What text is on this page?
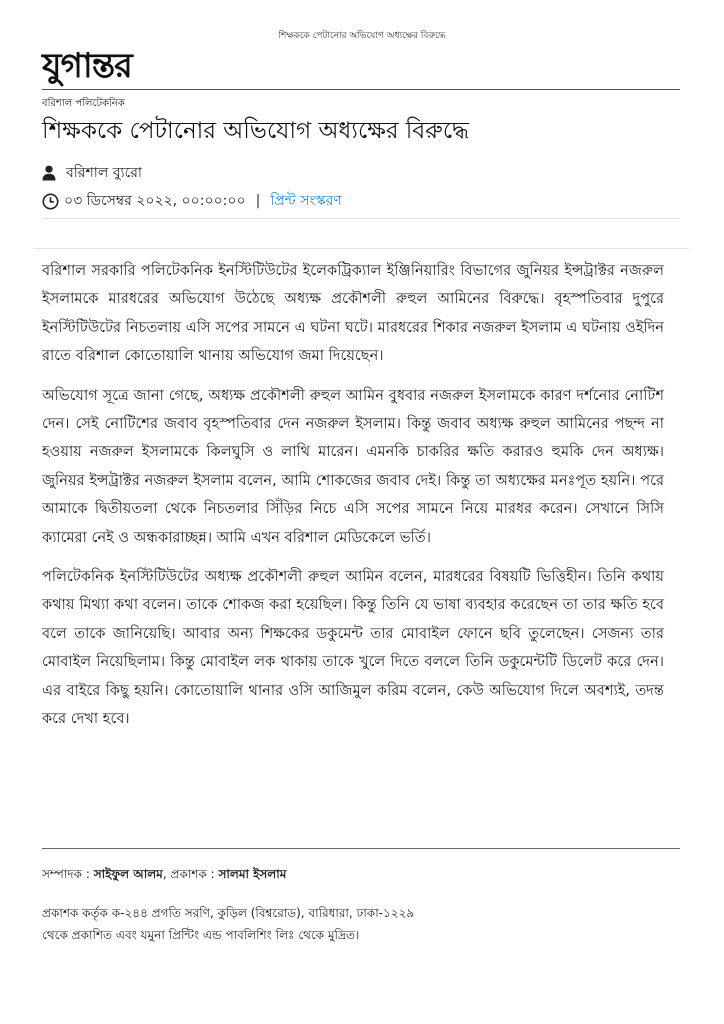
শিক্ষককে পেটানোর অভিযোগ অধ্যক্ষের বিরুদ্ধে
যুগান্তর
বরিশাল পলিটেকনিক
শিক্ষককে পেটানোর অভিযোগ অধ্যক্ষের বিরুদ্ধে
বরিশাল ব্যুরো
০৩ ডিসেম্বর ২০২২, ০০:০০:০০ | প্রিন্ট সংস্করণ

বরিশাল সরকারি পলিটেকনিক ইনস্টিটিউটের ইলেকট্রিক্যাল ইঞ্জিনিয়ারিং বিভাগের জুনিয়র ইন্সট্রাক্টর নজরুল ইসলামকে মারধরের অভিযোগ উঠেছে অধ্যক্ষ প্রকৌশলী রুহুল আমিনের বিরুদ্ধে। বৃহস্পতিবার দুপুরে ইনস্টিটিউটের নিচতলায় এসি সপের সামনে এ ঘটনা ঘটে। মারধরের শিকার নজরুল ইসলাম এ ঘটনায় ওইদিন রাতে বরিশাল কোতোয়ালি থানায় অভিযোগ জমা দিয়েছেন।

অভিযোগ সূত্রে জানা গেছে, অধ্যক্ষ প্রকৌশলী রুহুল আমিন বুধবার নজরুল ইসলামকে কারণ দর্শনোর নোটিশ দেন। সেই নোটিশের জবাব বৃহস্পতিবার দেন নজরুল ইসলাম। কিন্তু জবাব অধ্যক্ষ রুহুল আমিনের পছন্দ না হওয়ায় নজরুল ইসলামকে কিলঘুসি ও লাথি মারেন। এমনকি চাকরির ক্ষতি করারও হুমকি দেন অধ্যক্ষ। জুনিয়র ইন্সট্রাক্টর নজরুল ইসলাম বলেন, আমি শোকজের জবাব দেই। কিন্তু তা অধ্যক্ষের মনঃপূত হয়নি। পরে আমাকে দ্বিতীয়তলা থেকে নিচতলার সিঁড়ির নিচে এসি সপের সামনে নিয়ে মারধর করেন। সেখানে সিসি ক্যামেরা নেই ও অন্ধকারাচ্ছন্ন। আমি এখন বরিশাল মেডিকেলে ভর্তি।

পলিটেকনিক ইনস্টিটিউটের অধ্যক্ষ প্রকৌশলী রুহুল আমিন বলেন, মারধরের বিষয়টি ভিত্তিহীন। তিনি কথায় কথায় মিথ্যা কথা বলেন। তাকে শোকজ করা হয়েছিল। কিন্তু তিনি যে ভাষা ব্যবহার করেছেন তা তার ক্ষতি হবে বলে তাকে জানিয়েছি। আবার অন্য শিক্ষকের ডকুমেন্ট তার মোবাইল ফোনে ছবি তুলেছেন। সেজন্য তার মোবাইল নিয়েছিলাম। কিন্তু মোবাইল লক থাকায় তাকে খুলে দিতে বললে তিনি ডকুমেন্টটি ডিলেট করে দেন। এর বাইরে কিছু হয়নি। কোতোয়ালি থানার ওসি আজিমুল করিম বলেন, কেউ অভিযোগ দিলে অবশ্যই, তদন্ত করে দেখা হবে।

সম্পাদক : সাইফুল আলম, প্রকাশক : সালমা ইসলাম
প্রকাশক কর্তৃক ক-২৪৪ প্রগতি সরণি, কুড়িল (বিশ্বরোড), বারিধারা, ঢাকা-১২২৯
থেকে প্রকাশিত এবং যমুনা প্রিন্টিং এন্ড পাবলিশিং লিঃ থেকে মুদ্রিত।
